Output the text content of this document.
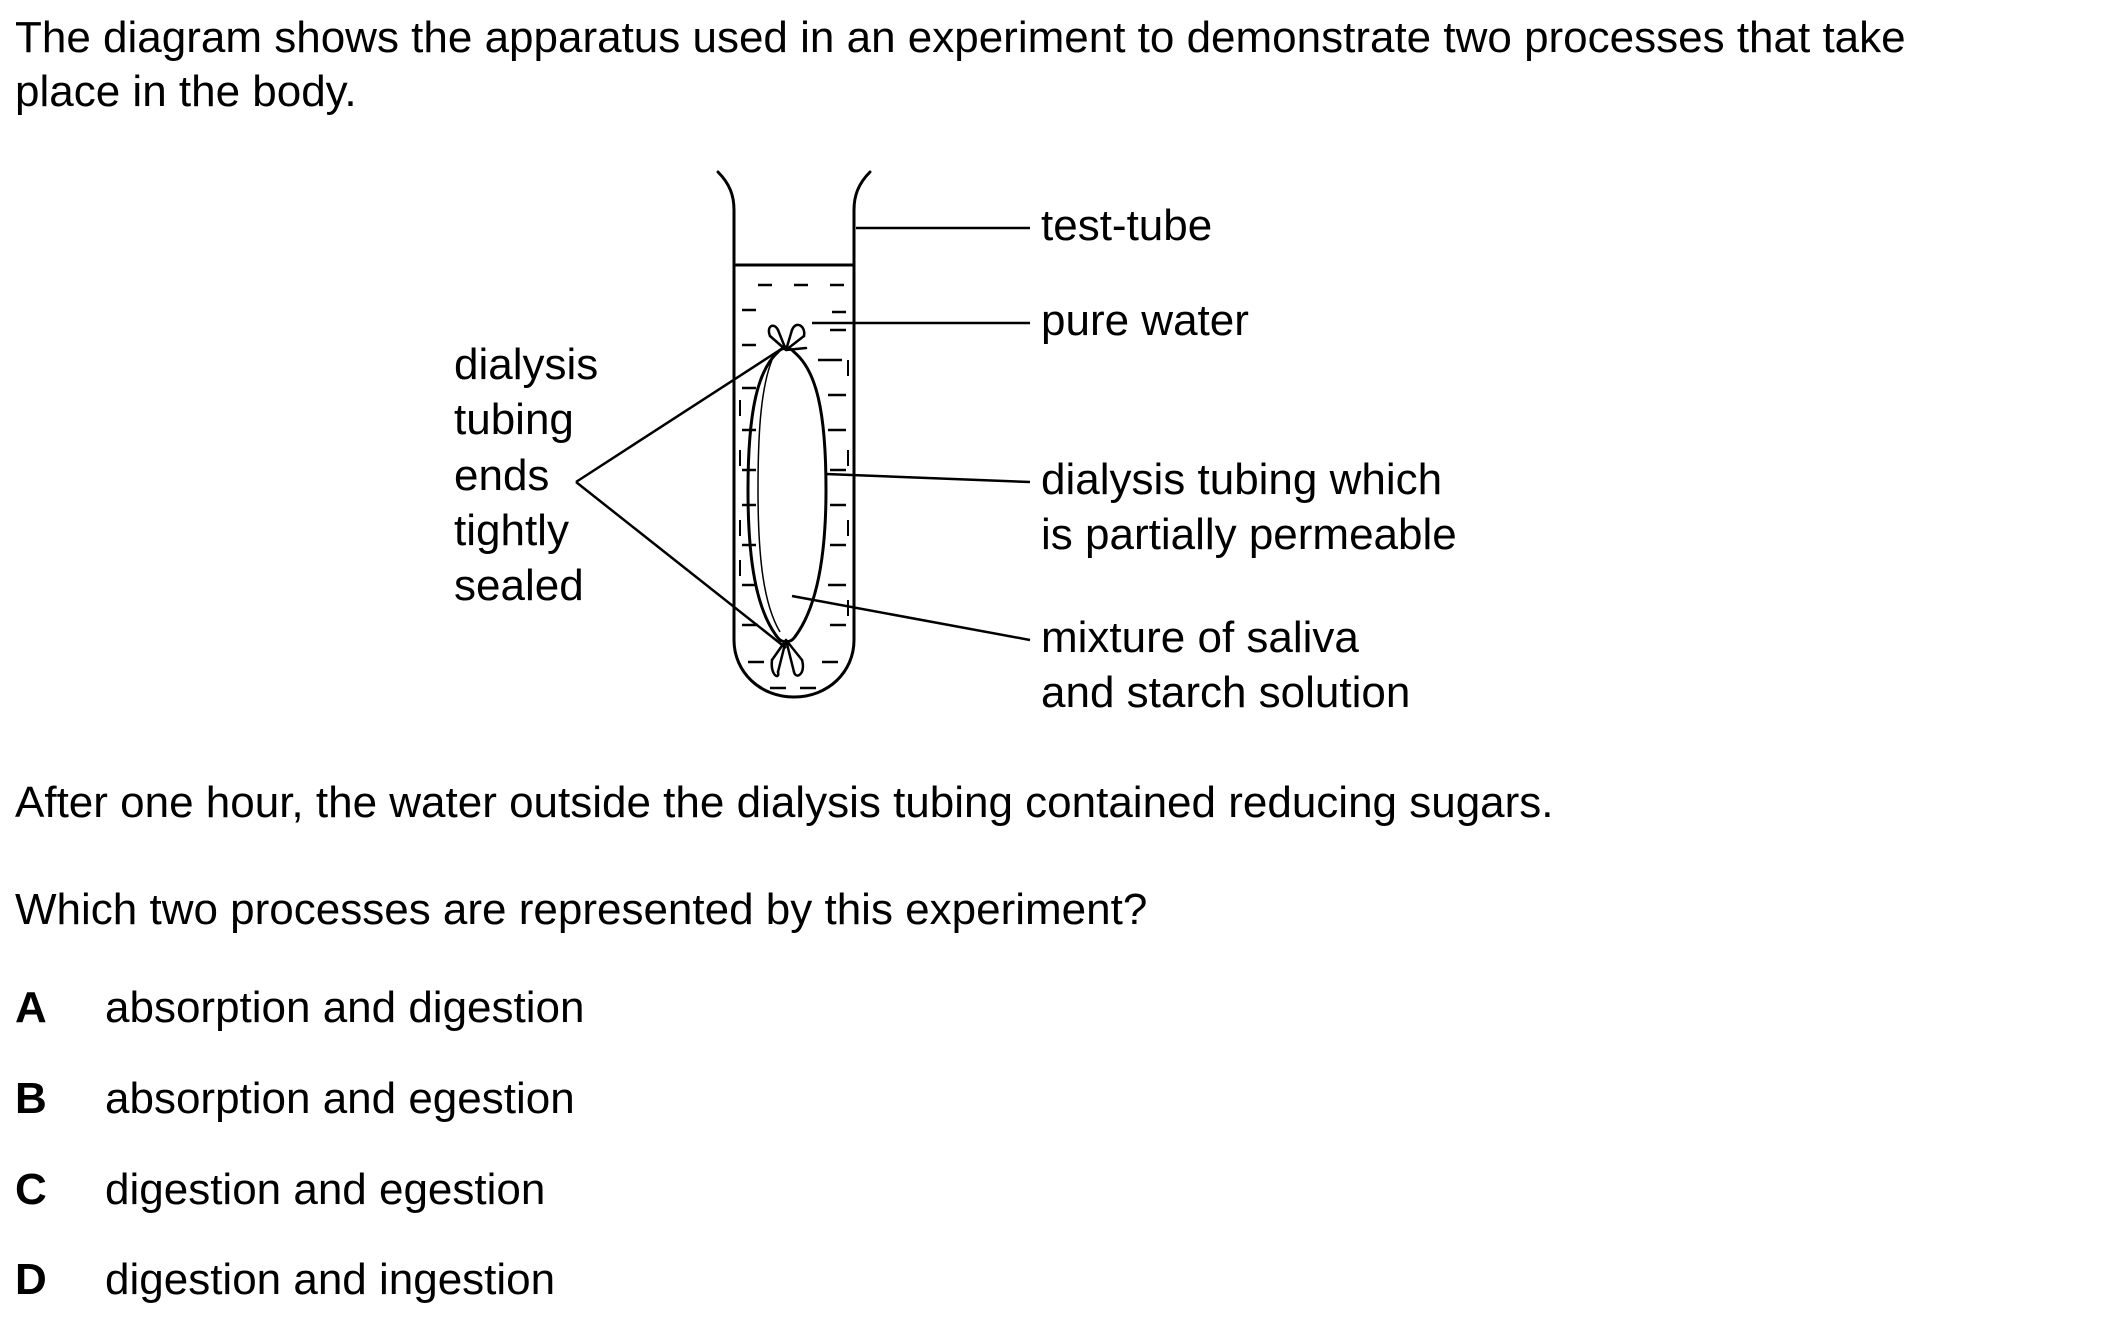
The diagram shows the apparatus used in an experiment to demonstrate two processes that take
place in the body.
test-tube
pure water
dialysis tubing which
is partially permeable
mixture of saliva
and starch solution
dialysis
tubing
ends
tightly
sealed
After one hour, the water outside the dialysis tubing contained reducing sugars.
Which two processes are represented by this experiment?
A absorption and digestion
B absorption and egestion
C digestion and egestion
D digestion and ingestion
